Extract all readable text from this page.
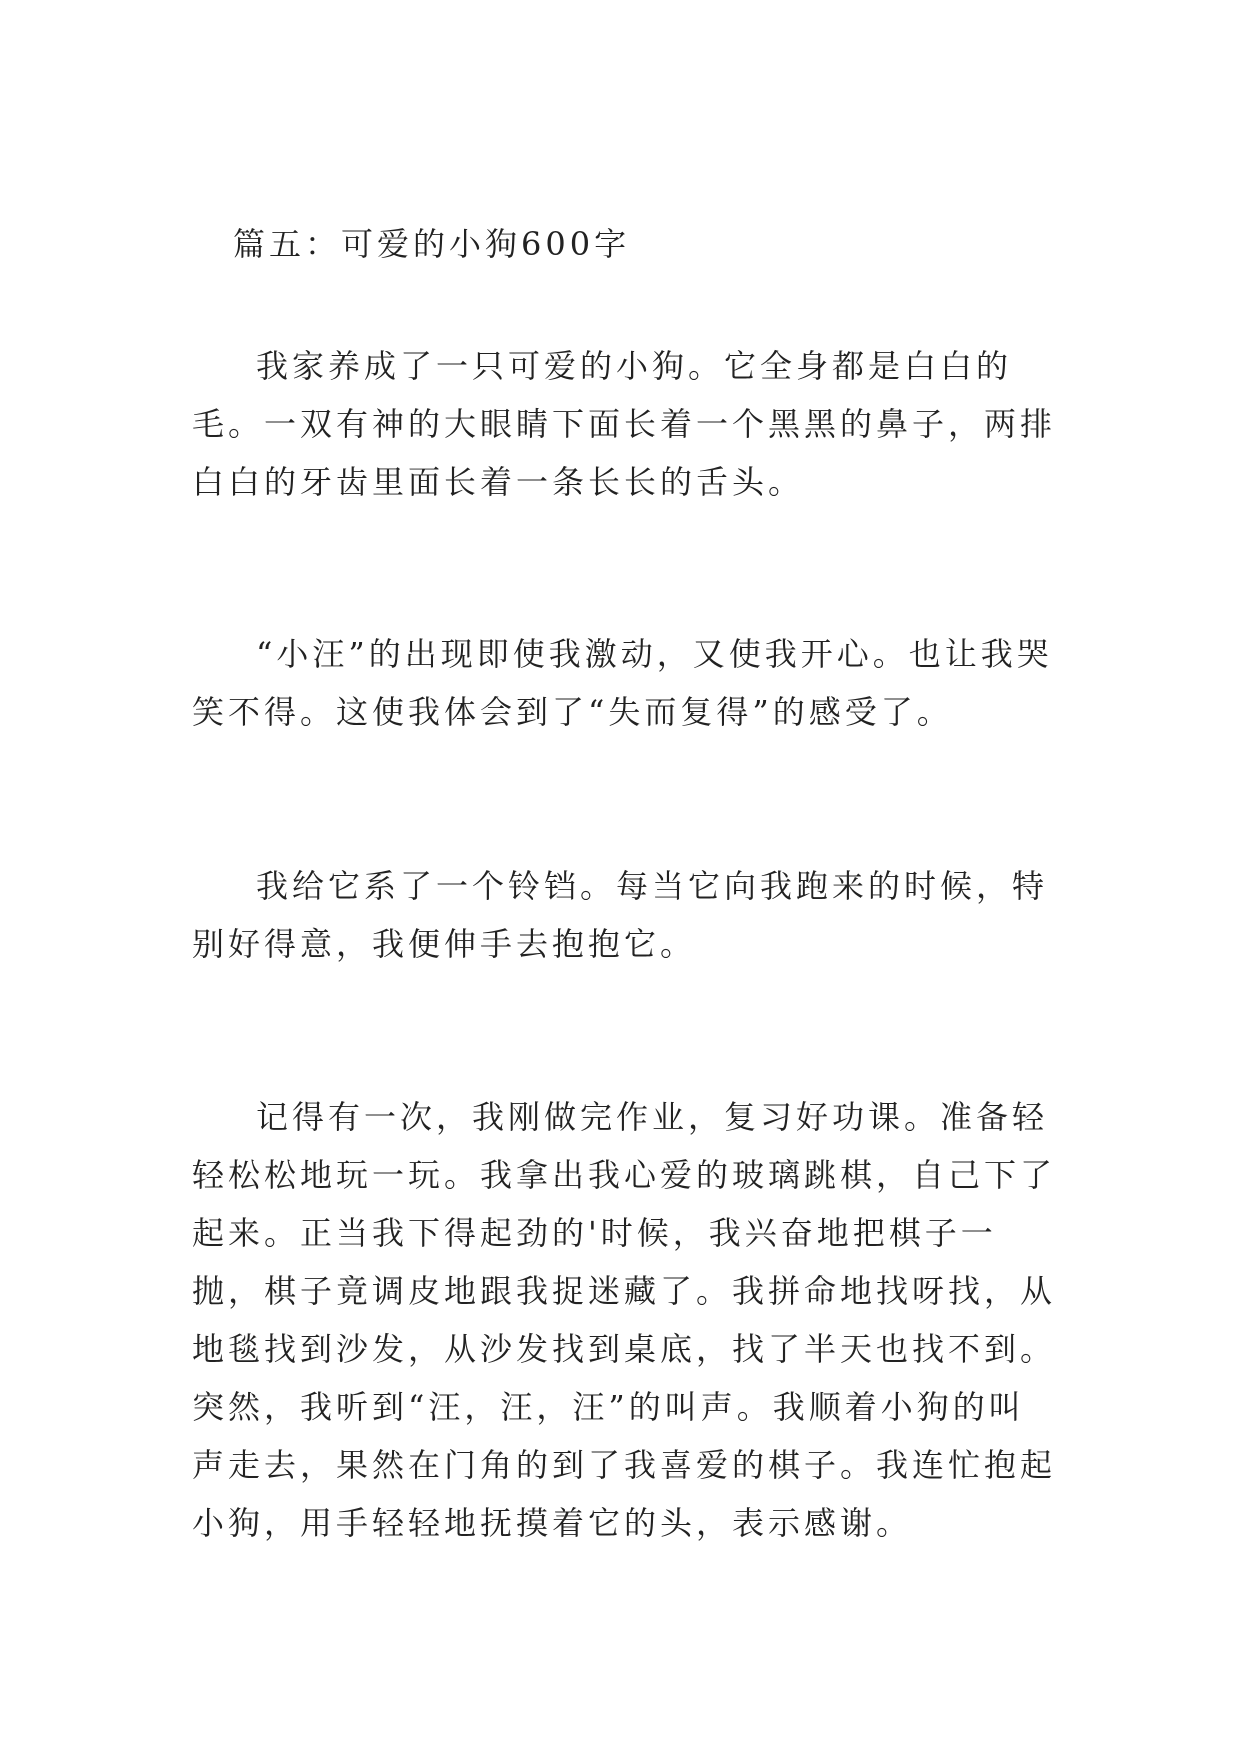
篇五：可爱的小狗600字

我家养成了一只可爱的小狗。它全身都是白白的毛。一双有神的大眼睛下面长着一个黑黑的鼻子，两排白白的牙齿里面长着一条长长的舌头。

“小汪”的出现即使我激动，又使我开心。也让我哭笑不得。这使我体会到了“失而复得”的感受了。

我给它系了一个铃铛。每当它向我跑来的时候，特别好得意，我便伸手去抱抱它。

记得有一次，我刚做完作业，复习好功课。准备轻轻松松地玩一玩。我拿出我心爱的玻璃跳棋，自己下了起来。正当我下得起劲的'时候，我兴奋地把棋子一抛，棋子竟调皮地跟我捉迷藏了。我拼命地找呀找，从地毯找到沙发，从沙发找到桌底，找了半天也找不到。突然，我听到“汪，汪，汪”的叫声。我顺着小狗的叫声走去，果然在门角的到了我喜爱的棋子。我连忙抱起小狗，用手轻轻地抚摸着它的头，表示感谢。
